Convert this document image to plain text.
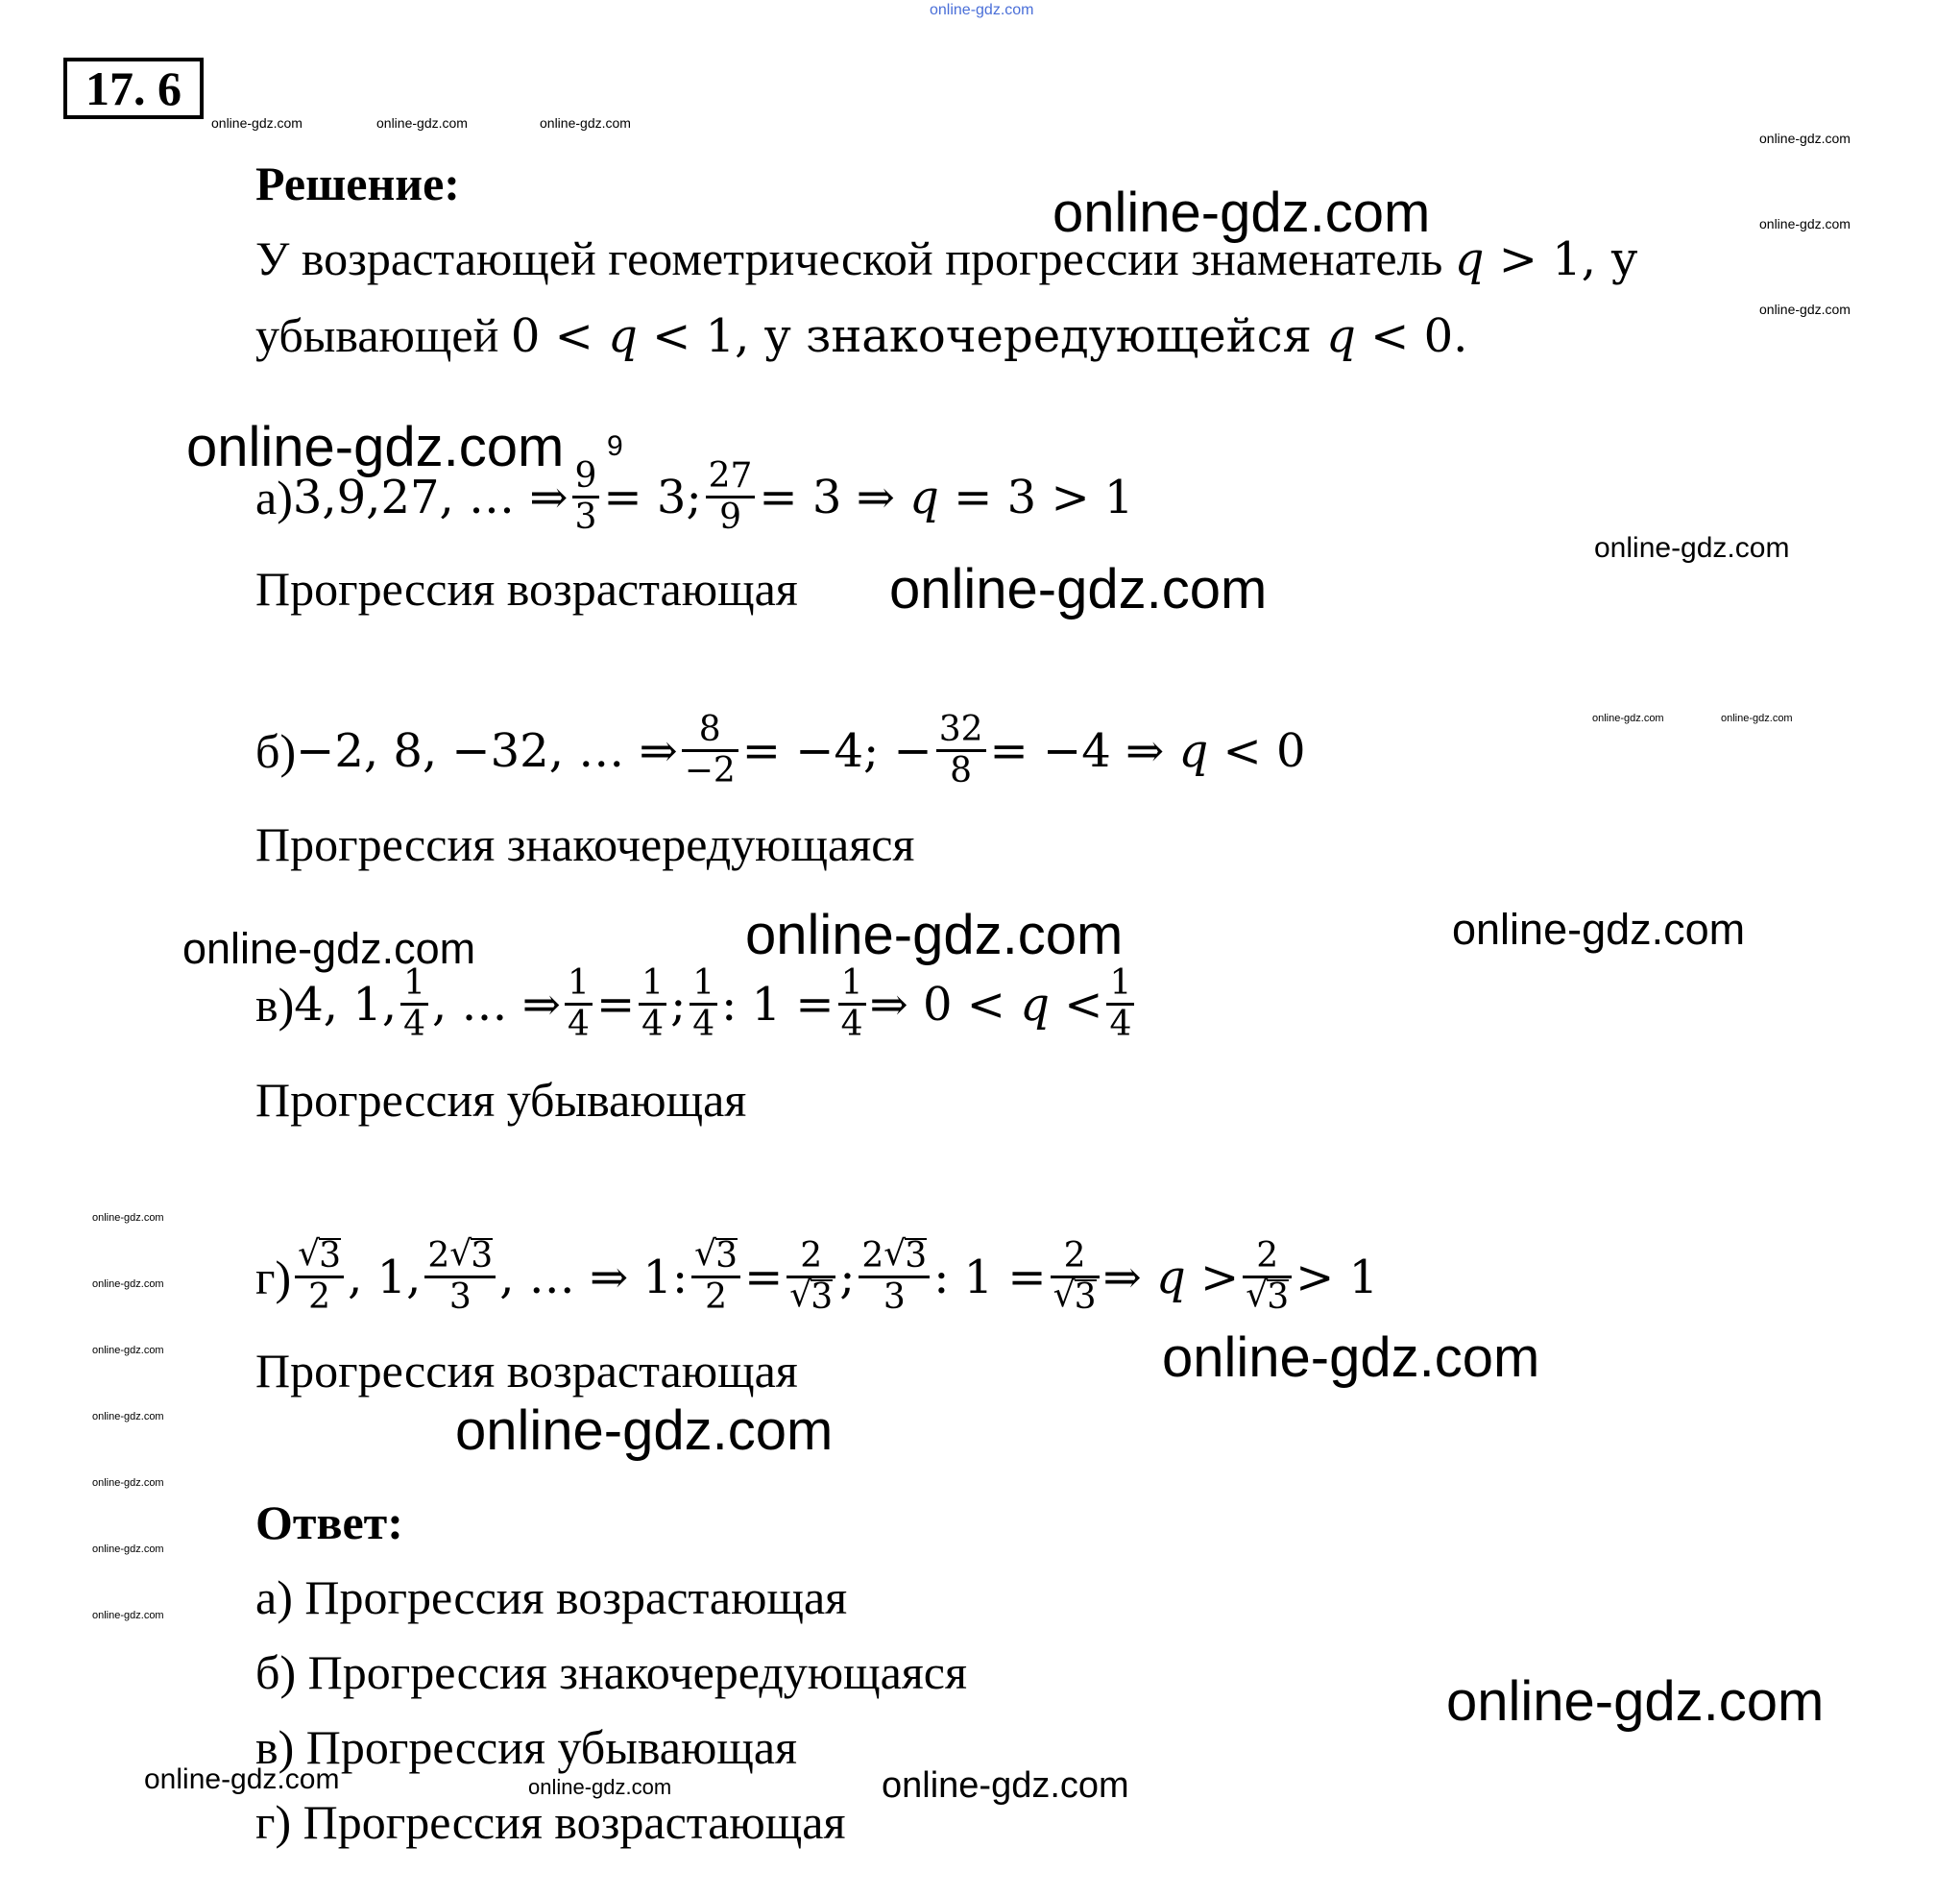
online-gdz.com
17. 6
online-gdz.com	online-gdz.com	online-gdz.com
online-gdz.com
online-gdz.com
online-gdz.com
Решение:	online-gdz.com
У возрастающей геометрической прогрессии знаменатель q > 1, у
убывающей 0 < q < 1, у знакочередующейся q < 0.
online-gdz.com 9
а) 3,9,27, … ⇒ $\frac{9}{3} = 3$; $\frac{27}{9} = 3$ ⇒ q = 3 > 1
online-gdz.com
Прогрессия возрастающая online-gdz.com
online-gdz.com	online-gdz.com
б) −2, 8, −32, … ⇒ $\frac{8}{-2} = -4$; − $\frac{32}{8} = -4$ ⇒ q < 0
Прогрессия знакочередующаяся
online-gdz.com	online-gdz.com
online-gdz.com
в) 4, 1, $\frac{1}{4}$ , … ⇒ $\frac{1}{4} = \frac{1}{4}$ ; $\frac{1}{4}$ : $1 = \frac{1}{4}$ ⇒ $0 < q < \frac{1}{4}$
Прогрессия убывающая
online-gdz.com
online-gdz.com
online-gdz.com
online-gdz.com
online-gdz.com
online-gdz.com
online-gdz.com
$г) \frac{√ 3}{2}$ , 1, $\frac{2 √ 3}{3}$ , … ⇒ 1: $\frac{√ 3}{2} = \frac{2}{√ 3}$ ; $\frac{2 √ 3}{3}$ : $1 = \frac{2}{√ 3}$ ⇒ $q > \frac{2}{√ 3} > 1$
Прогрессия возрастающая	online-gdz.com
online-gdz.com
Ответ:
а) Прогрессия возрастающая
б) Прогрессия знакочередующаяся	online-gdz.com
в) Прогрессия убывающая
online-gdz.com	online-gdz.com	online-gdz.com
г) Прогрессия возрастающая
